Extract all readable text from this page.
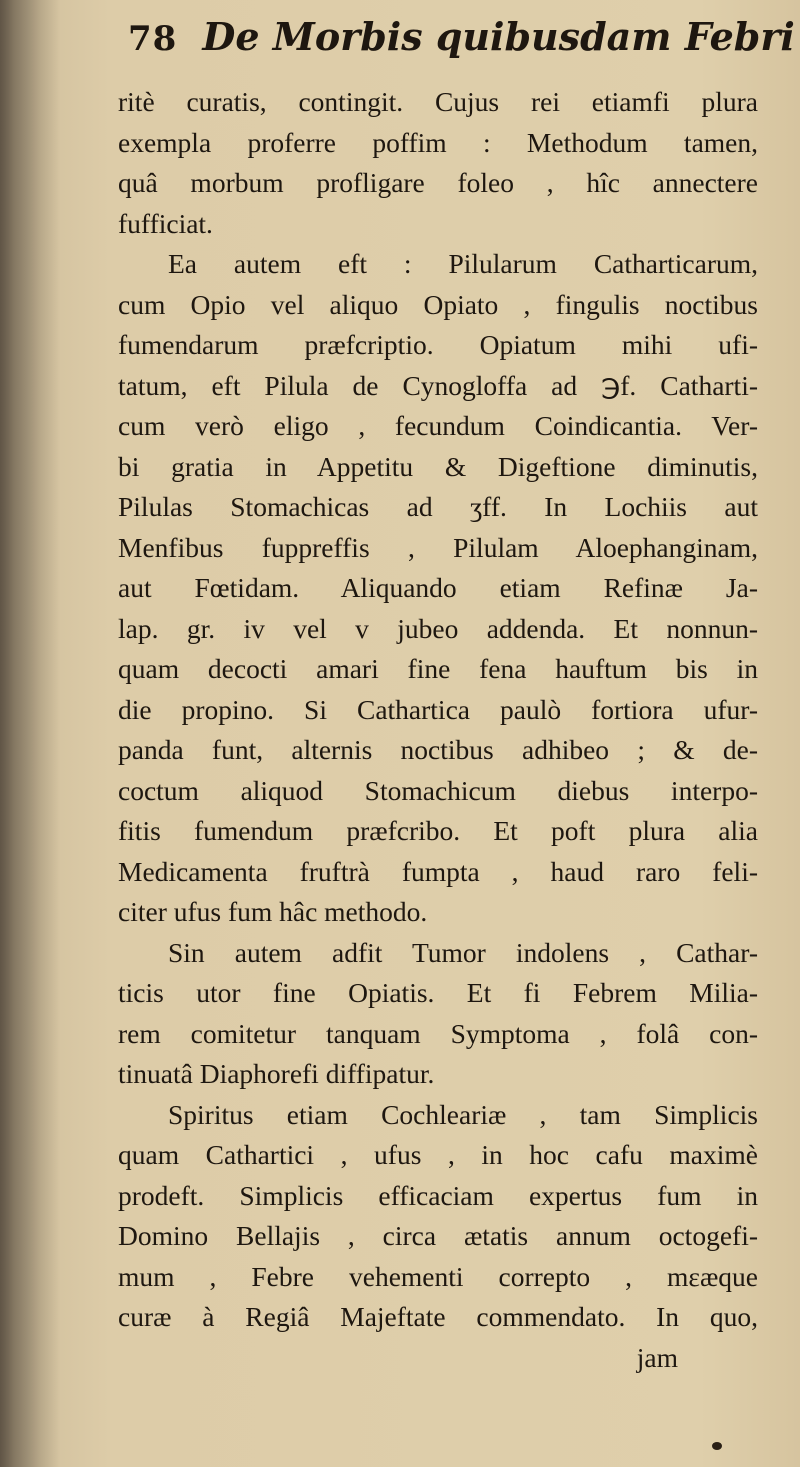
78 De Morbis quibusdam Febri
ritè curatis, contingit. Cujus rei etiamfi plura
exempla proferre poffim : Methodum tamen,
quâ morbum profligare foleo , hîc annectere
fufficiat.
Ea autem eft : Pilularum Catharticarum,
cum Opio vel aliquo Opiato , fingulis noctibus
fumendarum præfcriptio. Opiatum mihi ufi-
tatum, eft Pilula de Cynogloffa ad ℈f. Catharti-
cum verò eligo , fecundum Coindicantia. Ver-
bi gratia in Appetitu & Digeftione diminutis,
Pilulas Stomachicas ad ʒff. In Lochiis aut
Menfibus fuppreffis , Pilulam Aloephanginam,
aut Fœtidam. Aliquando etiam Refinæ Ja-
lap. gr. iv vel v jubeo addenda. Et nonnun-
quam decocti amari fine fena hauftum bis in
die propino. Si Cathartica paulò fortiora ufur-
panda funt, alternis noctibus adhibeo ; & de-
coctum aliquod Stomachicum diebus interpo-
fitis fumendum præfcribo. Et poft plura alia
Medicamenta fruftrà fumpta , haud raro feli-
citer ufus fum hâc methodo.
Sin autem adfit Tumor indolens , Cathar-
ticis utor fine Opiatis. Et fi Febrem Milia-
rem comitetur tanquam Symptoma , folâ con-
tinuatâ Diaphorefi diffipatur.
Spiritus etiam Cochleariæ , tam Simplicis
quam Cathartici , ufus , in hoc cafu maximè
prodeft. Simplicis efficaciam expertus fum in
Domino Bellajis , circa ætatis annum octogefi-
mum , Febre vehementi correpto , mεæque
curæ à Regiâ Majeftate commendato. In quo,
jam
